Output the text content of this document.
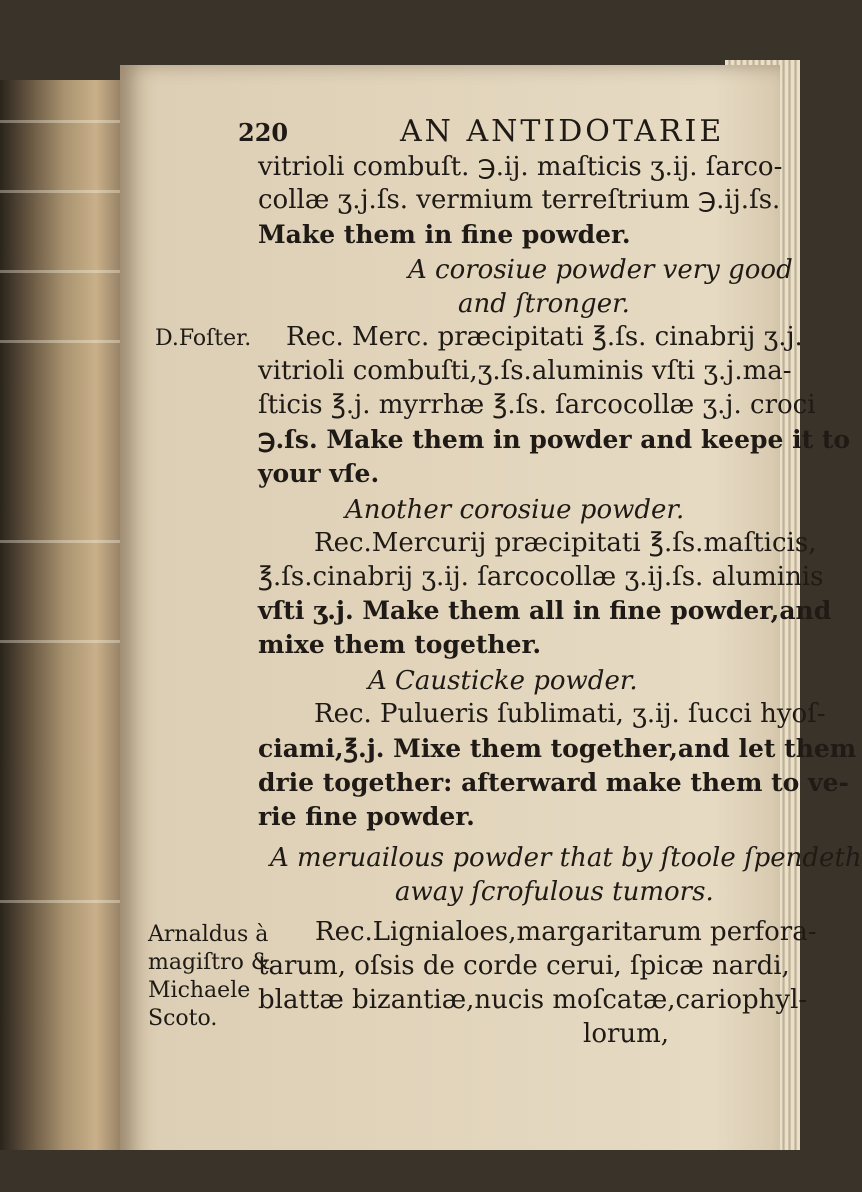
220	AN ANTIDOTARIE
vitrioli combuſt. ℈.ij. maſticis ʒ.ij. ſarco-
collæ ʒ.j.ſs. vermium terreſtrium ℈.ij.ſs.
Make them in fine powder.
A corosiue powder very good
and ſtronger.
D.Foſter. Rec. Merc. præcipitati ℥.ſs. cinabrij ʒ.j.
vitrioli combuſti,ʒ.ſs.aluminis vſti ʒ.j.ma-
ſticis ℥.j. myrrhæ ℥.ſs. ſarcocollæ ʒ.j. croci
℈.ſs. Make them in powder and keepe it to
your vſe.
Another corosiue powder.
Rec.Mercurij præcipitati ℥.ſs.maſticis,
℥.ſs.cinabrij ʒ.ij. ſarcocollæ ʒ.ij.ſs. aluminis
vſti ʒ.j. Make them all in fine powder,and
mixe them together.
A Causticke powder.
Rec. Pulueris ſublimati, ʒ.ij. ſucci hyoſ-
ciami,℥.j. Mixe them together,and let them
drie together: afterward make them to ve-
rie fine powder.
A meruailous powder that by ſtoole ſpendeth
away ſcrofulous tumors.
Arnaldus à Rec.Lignialoes,margaritarum perfora-
magiſtro &
tarum, oſsis de corde cerui, ſpicæ nardi,
Michaele blattæ bizantiæ,nucis moſcatæ,cariophyl-
Scoto.
lorum,
